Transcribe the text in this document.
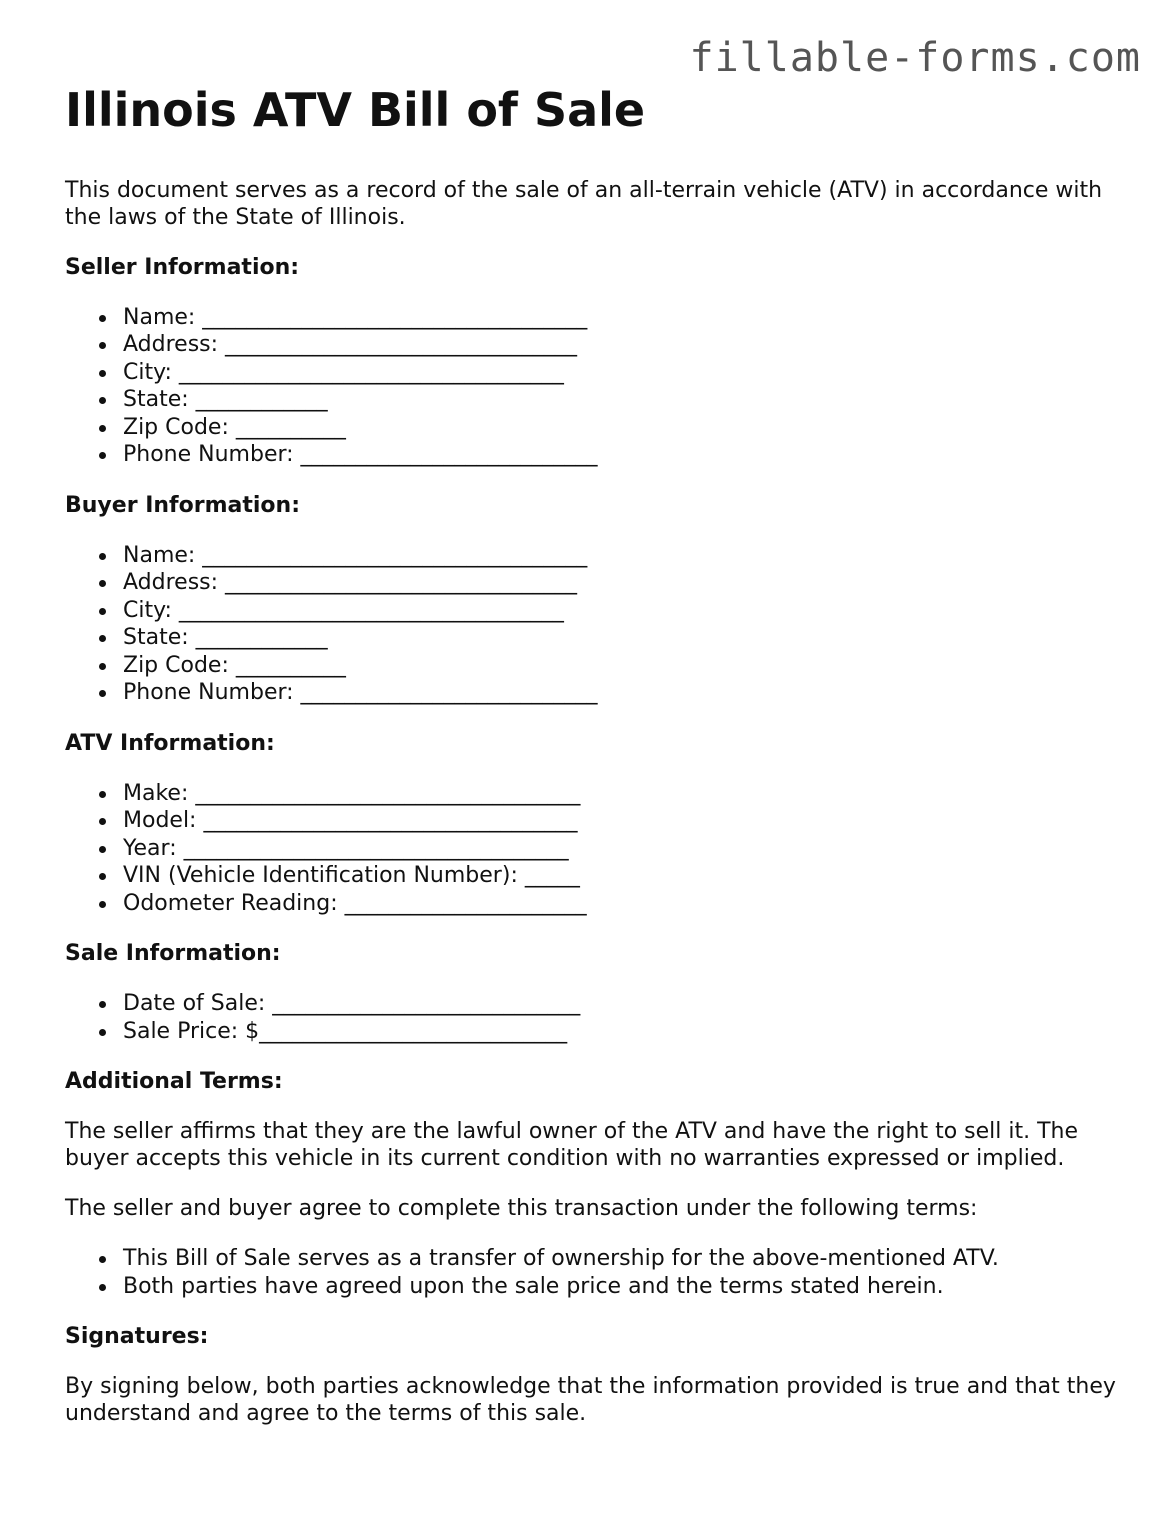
fillable-forms.com
Illinois ATV Bill of Sale

This document serves as a record of the sale of an all-terrain vehicle (ATV) in accordance with the laws of the State of Illinois.

Seller Information:
Name: ___________________________________
Address: ________________________________
City: ___________________________________
State: ____________
Zip Code: __________
Phone Number: ___________________________
Buyer Information:
Name: ___________________________________
Address: ________________________________
City: ___________________________________
State: ____________
Zip Code: __________
Phone Number: ___________________________
ATV Information:
Make: ___________________________________
Model: __________________________________
Year: ___________________________________
VIN (Vehicle Identification Number): _____
Odometer Reading: ______________________
Sale Information:
Date of Sale: ____________________________
Sale Price: $____________________________
Additional Terms:

The seller affirms that they are the lawful owner of the ATV and have the right to sell it. The buyer accepts this vehicle in its current condition with no warranties expressed or implied.

The seller and buyer agree to complete this transaction under the following terms:

This Bill of Sale serves as a transfer of ownership for the above-mentioned ATV.
Both parties have agreed upon the sale price and the terms stated herein.
Signatures:

By signing below, both parties acknowledge that the information provided is true and that they understand and agree to the terms of this sale.
